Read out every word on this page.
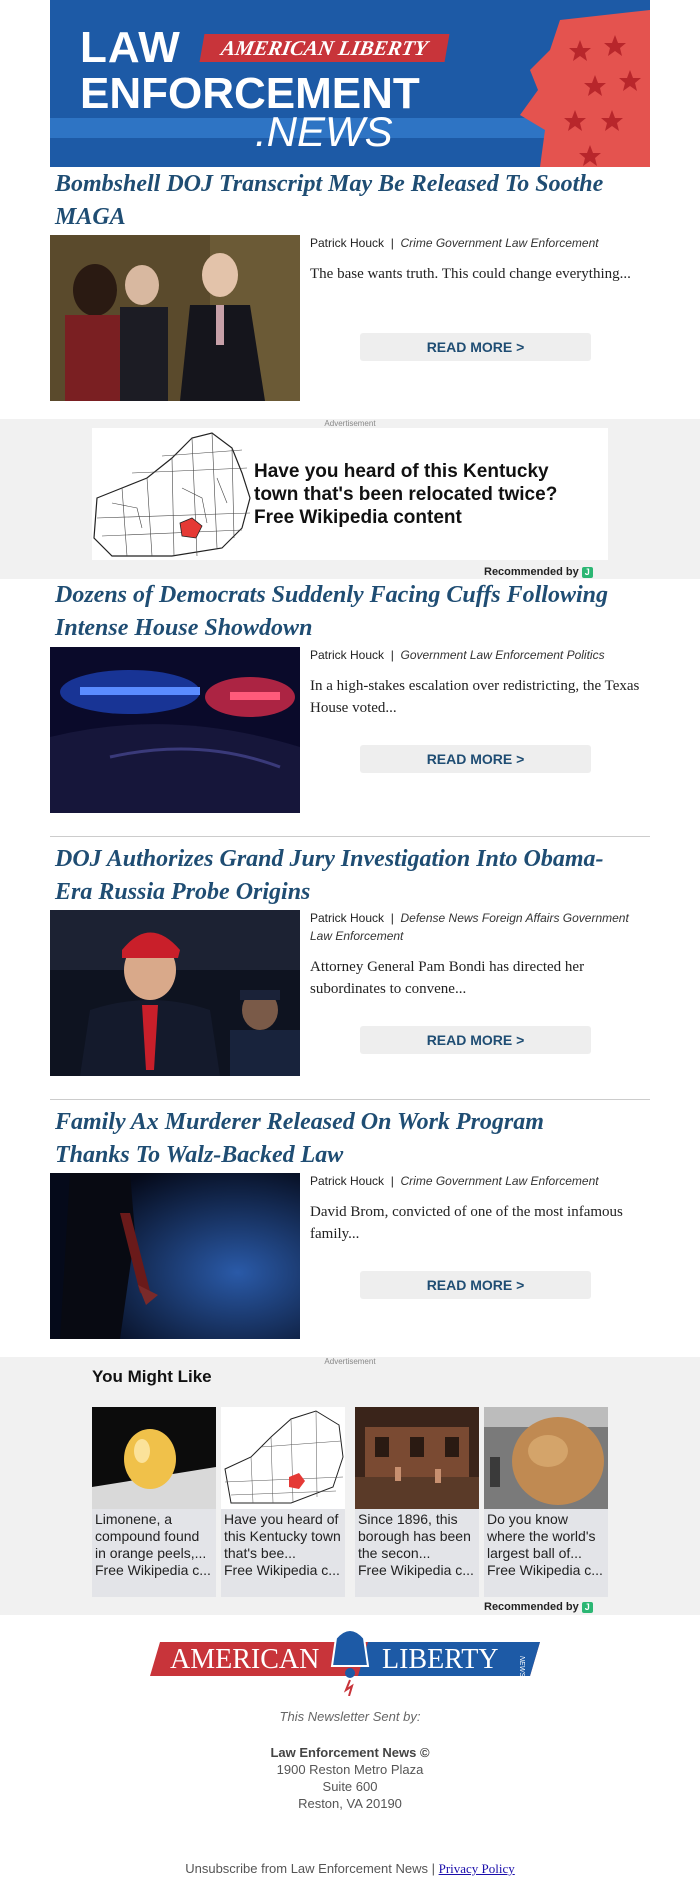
LAW	AMERICAN LIBERTY
ENFORCEMENT
.NEWS
Bombshell DOJ Transcript May Be Released To Soothe MAGA
Patrick Houck | Crime Government Law Enforcement
The base wants truth. This could change everything...
READ MORE >
Advertisement
Have you heard of this Kentucky town that's been relocated twice? Free Wikipedia content
Recommended by J
Dozens of Democrats Suddenly Facing Cuffs Following Intense House Showdown
Patrick Houck | Government Law Enforcement Politics
In a high-stakes escalation over redistricting, the Texas House voted...
READ MORE >
DOJ Authorizes Grand Jury Investigation Into Obama-Era Russia Probe Origins
Patrick Houck | Defense News Foreign Affairs Government Law Enforcement
Attorney General Pam Bondi has directed her subordinates to convene...
READ MORE >
Family Ax Murderer Released On Work Program Thanks To Walz-Backed Law
Patrick Houck | Crime Government Law Enforcement
David Brom, convicted of one of the most infamous family...
READ MORE >
Advertisement
You Might Like
Limonene, a compound found in orange peels,...
Free Wikipedia c...
Have you heard of this Kentucky town that's bee...
Free Wikipedia c...
Since 1896, this borough has been the secon...
Free Wikipedia c...
Do you know where the world's largest ball of...
Free Wikipedia c...
Recommended by J
AMERICAN LIBERTY	NEWS
This Newsletter Sent by:
Law Enforcement News ©
1900 Reston Metro Plaza
Suite 600
Reston, VA 20190
Unsubscribe from Law Enforcement News | Privacy Policy
